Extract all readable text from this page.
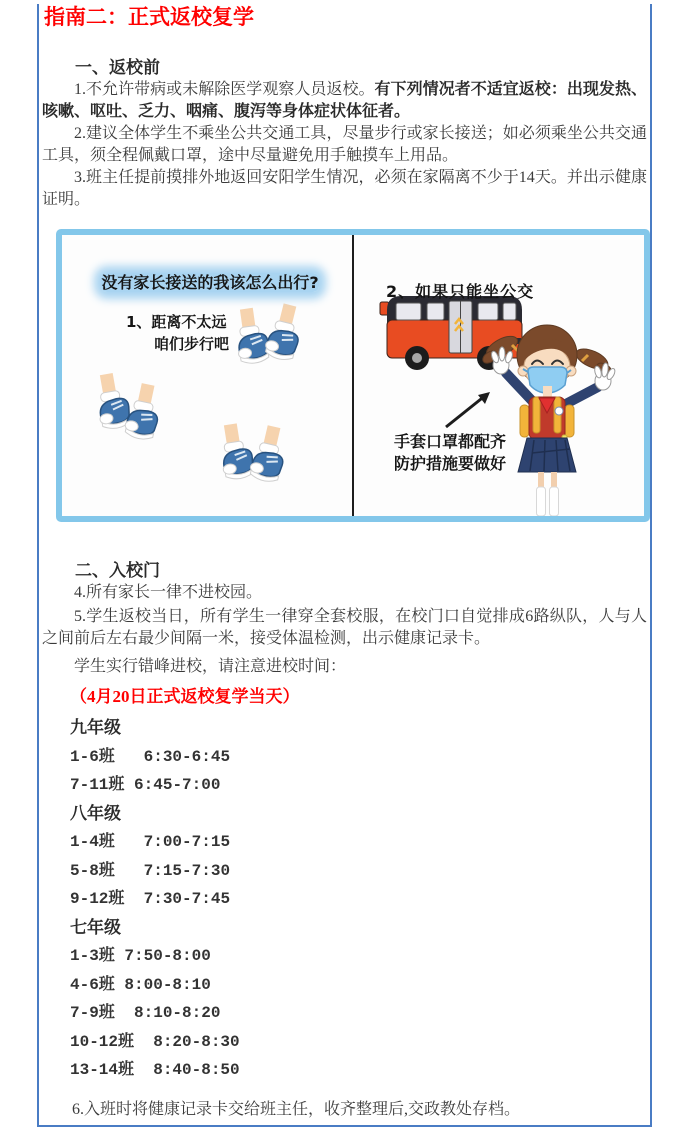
指南二：正式返校复学
一、返校前

1.不允许带病或未解除医学观察人员返校。有下列情况者不适宜返校：出现发热、咳嗽、呕吐、乏力、咽痛、腹泻等身体症状体征者。

2.建议全体学生不乘坐公共交通工具，尽量步行或家长接送；如必须乘坐公共交通工具，须全程佩戴口罩，途中尽量避免用手触摸车上用品。

3.班主任提前摸排外地返回安阳学生情况，必须在家隔离不少于14天。并出示健康证明。

没有家长接送的我该怎么出行?
1、距离不太远
咱们步行吧
2、如果只能坐公交
手套口罩都配齐
防护措施要做好
二、入校门

4.所有家长一律不进校园。

5.学生返校当日，所有学生一律穿全套校服，在校门口自觉排成6路纵队，人与人之间前后左右最少间隔一米，接受体温检测，出示健康记录卡。

学生实行错峰进校，请注意进校时间：

（4月20日正式返校复学当天）
九年级
1-6班 6:30-6:45
7-11班 6:45-7:00
八年级
1-4班 7:00-7:15
5-8班 7:15-7:30
9-12班 7:30-7:45
七年级
1-3班 7:50-8:00
4-6班 8:00-8:10
7-9班 8:10-8:20
10-12班 8:20-8:30
13-14班 8:40-8:50

6.入班时将健康记录卡交给班主任，收齐整理后,交政教处存档。
